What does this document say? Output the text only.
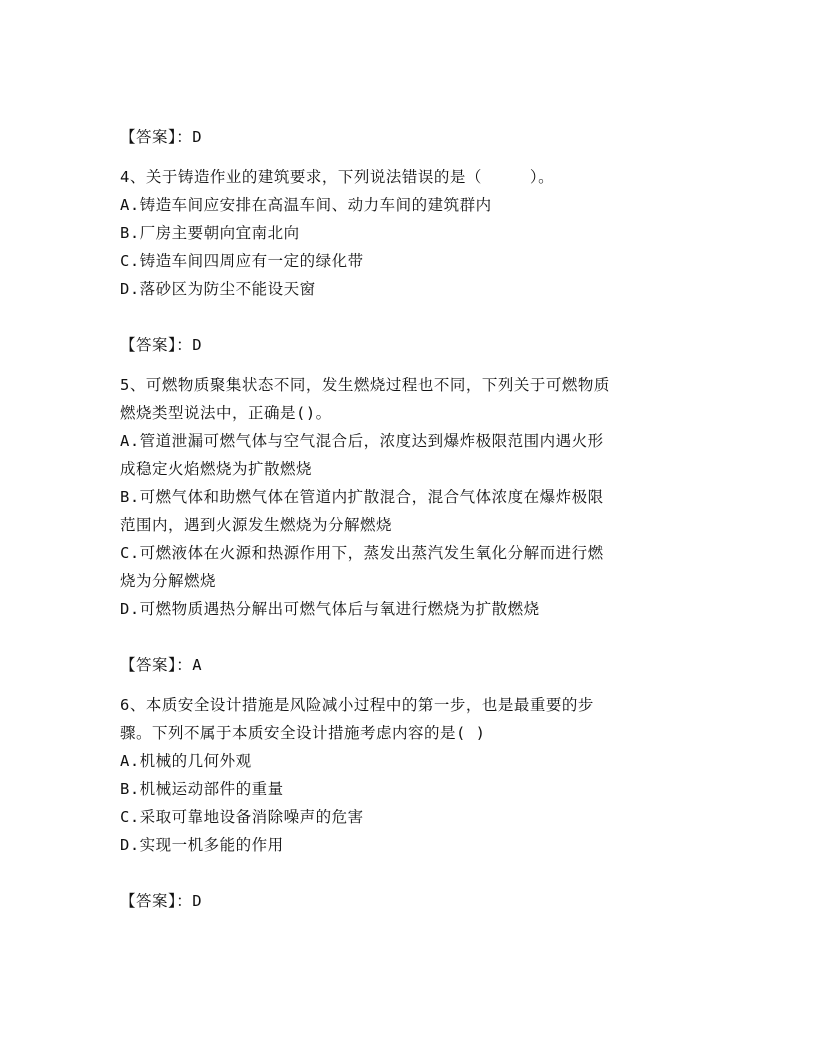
【答案】：D

4、关于铸造作业的建筑要求，下列说法错误的是（　　　）。

A.铸造车间应安排在高温车间、动力车间的建筑群内

B.厂房主要朝向宜南北向

C.铸造车间四周应有一定的绿化带

D.落砂区为防尘不能设天窗

【答案】：D

5、可燃物质聚集状态不同，发生燃烧过程也不同，下列关于可燃物质

燃烧类型说法中，正确是()。

A.管道泄漏可燃气体与空气混合后，浓度达到爆炸极限范围内遇火形

成稳定火焰燃烧为扩散燃烧

B.可燃气体和助燃气体在管道内扩散混合，混合气体浓度在爆炸极限

范围内，遇到火源发生燃烧为分解燃烧

C.可燃液体在火源和热源作用下，蒸发出蒸汽发生氧化分解而进行燃

烧为分解燃烧

D.可燃物质遇热分解出可燃气体后与氧进行燃烧为扩散燃烧

【答案】：A

6、本质安全设计措施是风险减小过程中的第一步，也是最重要的步

骤。下列不属于本质安全设计措施考虑内容的是( )

A.机械的几何外观

B.机械运动部件的重量

C.采取可靠地设备消除噪声的危害

D.实现一机多能的作用

【答案】：D
